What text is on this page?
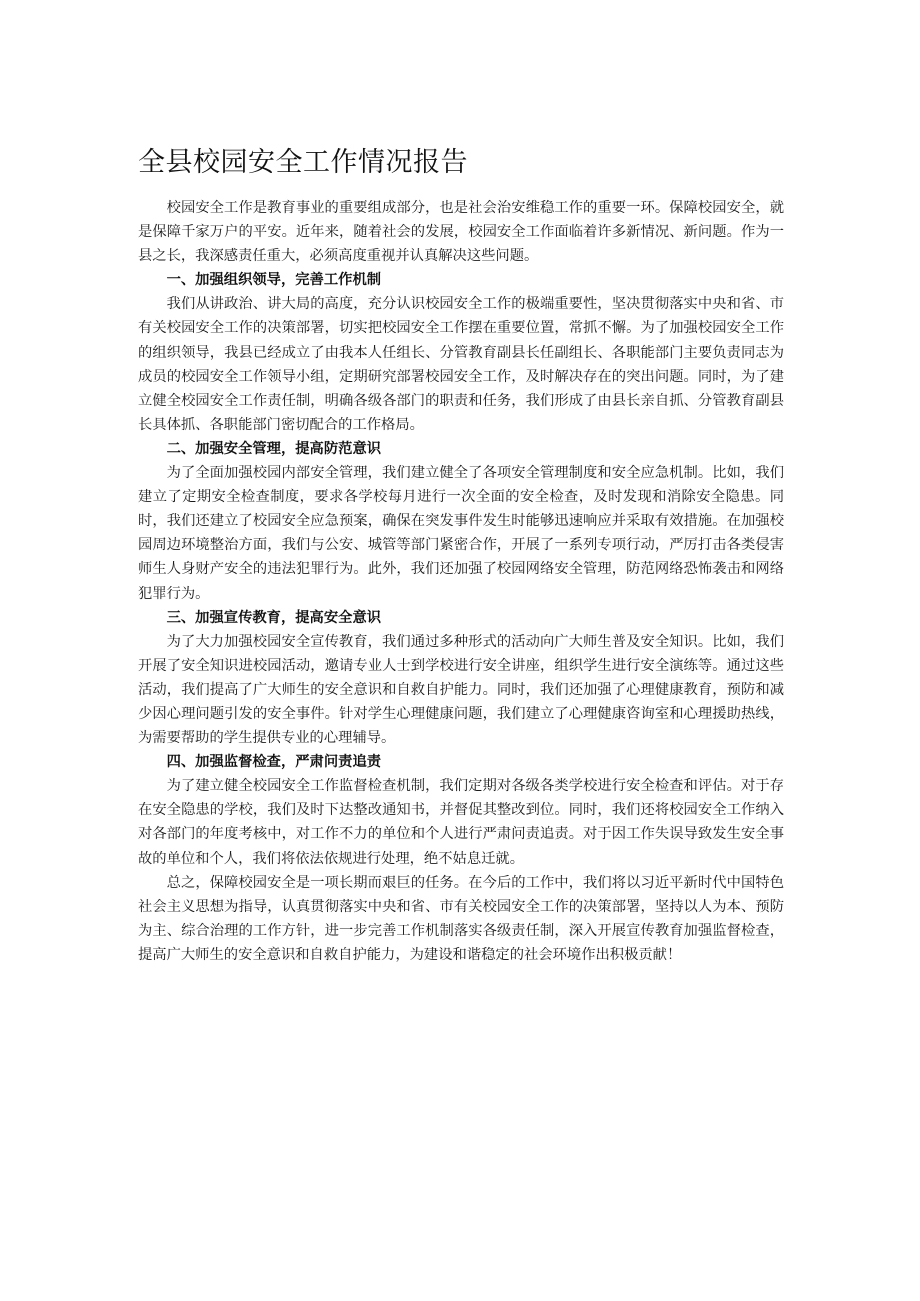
全县校园安全工作情况报告

校园安全工作是教育事业的重要组成部分，也是社会治安维稳工作的重要一环。保障校园安全，就是保障千家万户的平安。近年来，随着社会的发展，校园安全工作面临着许多新情况、新问题。作为一县之长，我深感责任重大，必须高度重视并认真解决这些问题。

一、加强组织领导，完善工作机制

我们从讲政治、讲大局的高度，充分认识校园安全工作的极端重要性，坚决贯彻落实中央和省、市有关校园安全工作的决策部署，切实把校园安全工作摆在重要位置，常抓不懈。为了加强校园安全工作的组织领导，我县已经成立了由我本人任组长、分管教育副县长任副组长、各职能部门主要负责同志为成员的校园安全工作领导小组，定期研究部署校园安全工作，及时解决存在的突出问题。同时，为了建立健全校园安全工作责任制，明确各级各部门的职责和任务，我们形成了由县长亲自抓、分管教育副县长具体抓、各职能部门密切配合的工作格局。

二、加强安全管理，提高防范意识

为了全面加强校园内部安全管理，我们建立健全了各项安全管理制度和安全应急机制。比如，我们建立了定期安全检查制度，要求各学校每月进行一次全面的安全检查，及时发现和消除安全隐患。同时，我们还建立了校园安全应急预案，确保在突发事件发生时能够迅速响应并采取有效措施。在加强校园周边环境整治方面，我们与公安、城管等部门紧密合作，开展了一系列专项行动，严厉打击各类侵害师生人身财产安全的违法犯罪行为。此外，我们还加强了校园网络安全管理，防范网络恐怖袭击和网络犯罪行为。

三、加强宣传教育，提高安全意识

为了大力加强校园安全宣传教育，我们通过多种形式的活动向广大师生普及安全知识。比如，我们开展了安全知识进校园活动，邀请专业人士到学校进行安全讲座，组织学生进行安全演练等。通过这些活动，我们提高了广大师生的安全意识和自救自护能力。同时，我们还加强了心理健康教育，预防和减少因心理问题引发的安全事件。针对学生心理健康问题，我们建立了心理健康咨询室和心理援助热线，为需要帮助的学生提供专业的心理辅导。

四、加强监督检查，严肃问责追责

为了建立健全校园安全工作监督检查机制，我们定期对各级各类学校进行安全检查和评估。对于存在安全隐患的学校，我们及时下达整改通知书，并督促其整改到位。同时，我们还将校园安全工作纳入对各部门的年度考核中，对工作不力的单位和个人进行严肃问责追责。对于因工作失误导致发生安全事故的单位和个人，我们将依法依规进行处理，绝不姑息迁就。

总之，保障校园安全是一项长期而艰巨的任务。在今后的工作中，我们将以习近平新时代中国特色社会主义思想为指导，认真贯彻落实中央和省、市有关校园安全工作的决策部署，坚持以人为本、预防为主、综合治理的工作方针，进一步完善工作机制落实各级责任制，深入开展宣传教育加强监督检查，提高广大师生的安全意识和自救自护能力，为建设和谐稳定的社会环境作出积极贡献！
